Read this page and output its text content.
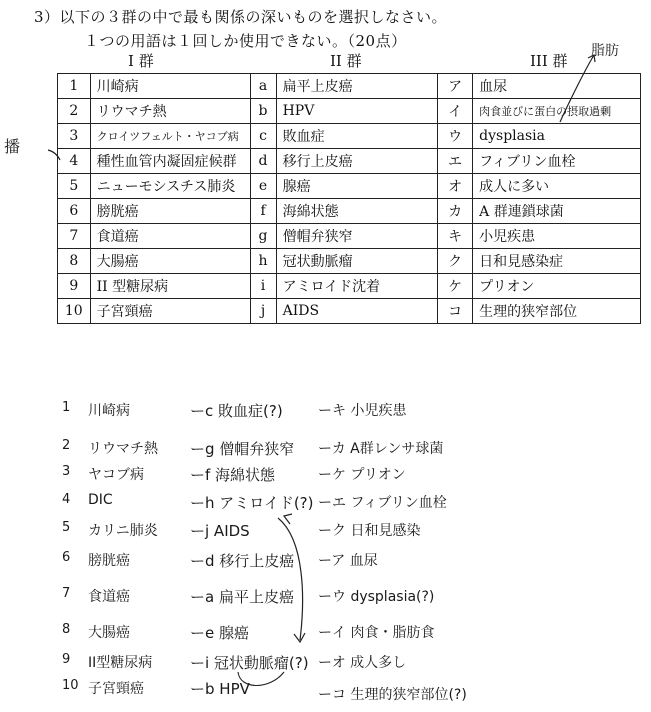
3）以下の３群の中で最も関係の深いものを選択しなさい。
１つの用語は１回しか使用できない。（20点）
I 群	II 群	III 群
脂肪
播
1	川崎病	a	扁平上皮癌	ア	血尿
2	リウマチ熱	b	HPV	イ	肉食並びに蛋白の摂取過剰
3	クロイツフェルト・ヤコブ病	c	敗血症	ウ	dysplasia
4	種性血管内凝固症候群	d	移行上皮癌	エ	フィブリン血栓
5	ニューモシスチス肺炎	e	腺癌	オ	成人に多い
6	膀胱癌	f	海綿状態	カ	A 群連鎖球菌
7	食道癌	g	僧帽弁狭窄	キ	小児疾患
8	大腸癌	h	冠状動脈瘤	ク	日和見感染症
9	II 型糖尿病	i	アミロイド沈着	ケ	プリオン
10	子宮頸癌	j	AIDS	コ	生理的狭窄部位
1 川崎病	ーc 敗血症(?)	ーキ 小児疾患
2 リウマチ熱 ーg 僧帽弁狭窄 ーカ A群レンサ球菌
3 ヤコブ病	ーf 海綿状態	ーケ プリオン
4 DIC	ーh アミロイド(?) ーエ フィブリン血栓
5 カリニ肺炎 ーj AIDS	ーク 日和見感染
6 膀胱癌	ーd 移行上皮癌 ーア 血尿
7 食道癌	ーa 扁平上皮癌 ーウ dysplasia(?)
8 大腸癌	ーe 腺癌	ーイ 肉食・脂肪食
9 II型糖尿病	ーi 冠状動脈瘤(?) ーオ 成人多し
10 子宮頸癌	ーb HPV	ーコ 生理的狭窄部位(?)
